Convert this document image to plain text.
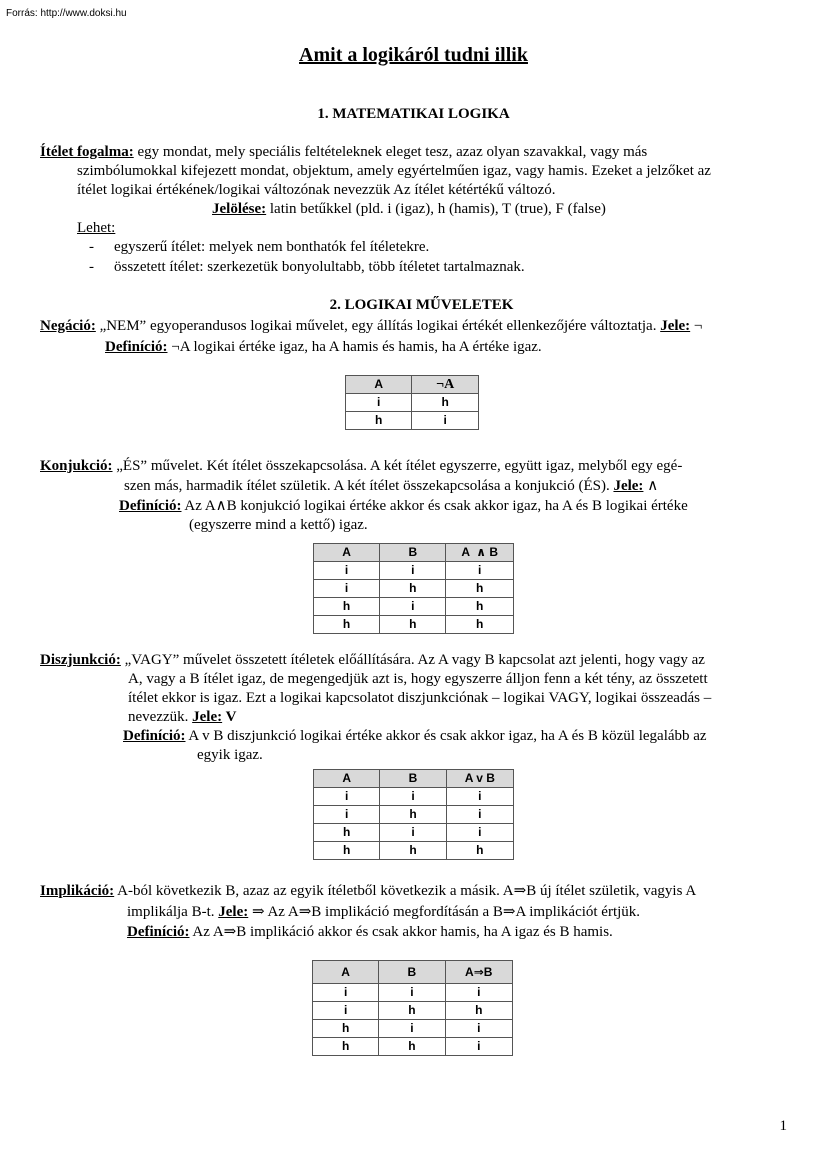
Forrás: http://www.doksi.hu
Amit a logikáról tudni illik
1. MATEMATIKAI LOGIKA
Ítélet fogalma: egy mondat, mely speciális feltételeknek eleget tesz, azaz olyan szavakkal, vagy más
szimbólumokkal kifejezett mondat, objektum, amely egyértelműen igaz, vagy hamis. Ezeket a jelzőket az
ítélet logikai értékének/logikai változónak nevezzük Az ítélet kétértékű változó.
Jelölése: latin betűkkel (pld. i (igaz), h (hamis), T (true), F (false)
Lehet:
- egyszerű ítélet: melyek nem bonthatók fel ítéletekre.
- összetett ítélet: szerkezetük bonyolultabb, több ítéletet tartalmaznak.
2. LOGIKAI MŰVELETEK
Negáció: „NEM” egyoperandusos logikai művelet, egy állítás logikai értékét ellenkezőjére változtatja. Jele: ¬
Definíció: ¬A logikai értéke igaz, ha A hamis és hamis, ha A értéke igaz.
A	¬A
i	h
h	i
Konjukció: „ÉS” művelet. Két ítélet összekapcsolása. A két ítélet egyszerre, együtt igaz, melyből egy egé-
szen más, harmadik ítélet születik. A két ítélet összekapcsolása a konjukció (ÉS). Jele: ∧
Definíció: Az A∧B konjukció logikai értéke akkor és csak akkor igaz, ha A és B logikai értéke
(egyszerre mind a kettő) igaz.
A	B	A  ∧ B
i	i	i
i	h	h
h	i	h
h	h	h
Diszjunkció: „VAGY” művelet összetett ítéletek előállítására. Az A vagy B kapcsolat azt jelenti, hogy vagy az
A, vagy a B ítélet igaz, de megengedjük azt is, hogy egyszerre álljon fenn a két tény, az összetett
ítélet ekkor is igaz. Ezt a logikai kapcsolatot diszjunkciónak – logikai VAGY, logikai összeadás –
nevezzük. Jele: V
Definíció: A v B diszjunkció logikai értéke akkor és csak akkor igaz, ha A és B közül legalább az
egyik igaz.
A	B	A v B
i	i	i
i	h	i
h	i	i
h	h	h
Implikáció: A-ból következik B, azaz az egyik ítéletből következik a másik. A⇒B új ítélet születik, vagyis A
implikálja B-t. Jele: ⇒ Az A⇒B implikáció megfordításán a B⇒A implikációt értjük.
Definíció: Az A⇒B implikáció akkor és csak akkor hamis, ha A igaz és B hamis.
A	B	A⇒B
i	i	i
i	h	h
h	i	i
h	h	i
1
